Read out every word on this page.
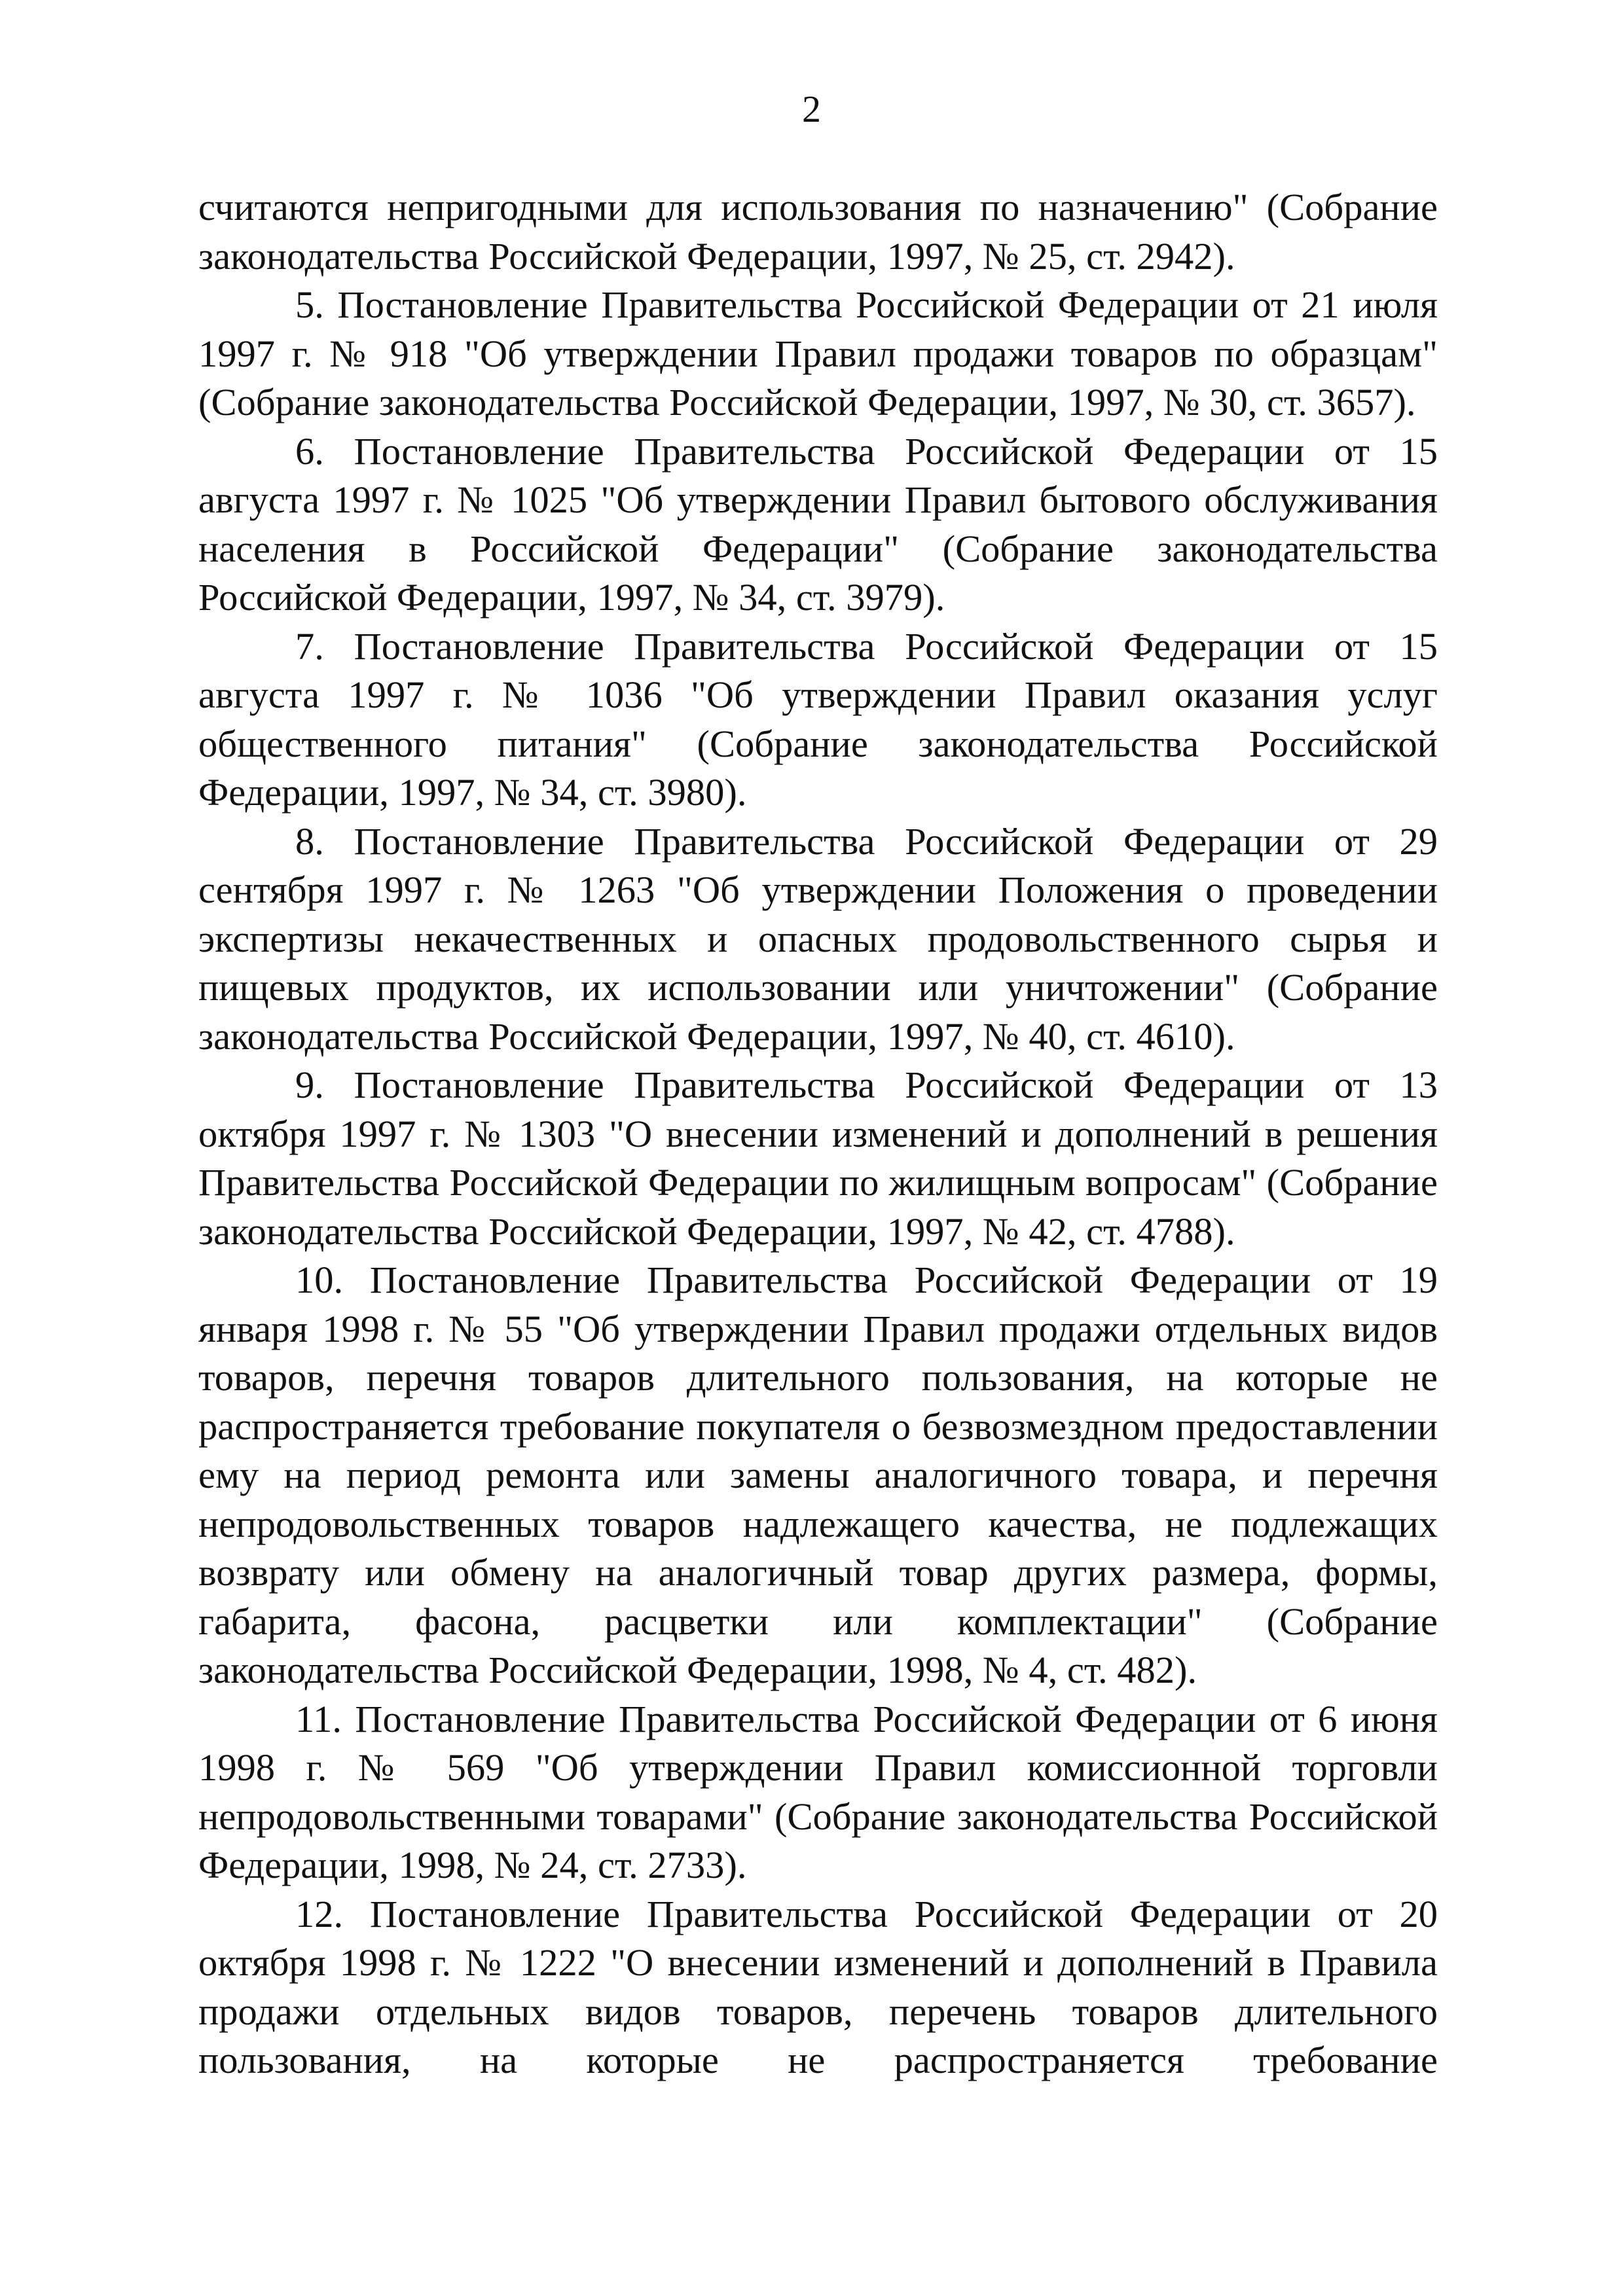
2

считаются непригодными для использования по назначению" (Собрание законодательства Российской Федерации, 1997, № 25, ст. 2942).

5. Постановление Правительства Российской Федерации от 21 июля 1997 г. № 918 "Об утверждении Правил продажи товаров по образцам" (Собрание законодательства Российской Федерации, 1997, № 30, ст. 3657).

6. Постановление Правительства Российской Федерации от 15 августа 1997 г. № 1025 "Об утверждении Правил бытового обслуживания населения в Российской Федерации" (Собрание законодательства Российской Федерации, 1997, № 34, ст. 3979).

7. Постановление Правительства Российской Федерации от 15 августа 1997 г. № 1036 "Об утверждении Правил оказания услуг общественного питания" (Собрание законодательства Российской Федерации, 1997, № 34, ст. 3980).

8. Постановление Правительства Российской Федерации от 29 сентября 1997 г. № 1263 "Об утверждении Положения о проведении экспертизы некачественных и опасных продовольственного сырья и пищевых продуктов, их использовании или уничтожении" (Собрание законодательства Российской Федерации, 1997, № 40, ст. 4610).

9. Постановление Правительства Российской Федерации от 13 октября 1997 г. № 1303 "О внесении изменений и дополнений в решения Правительства Российской Федерации по жилищным вопросам" (Собрание законодательства Российской Федерации, 1997, № 42, ст. 4788).

10. Постановление Правительства Российской Федерации от 19 января 1998 г. № 55 "Об утверждении Правил продажи отдельных видов товаров, перечня товаров длительного пользования, на которые не распространяется требование покупателя о безвозмездном предоставлении ему на период ремонта или замены аналогичного товара, и перечня непродовольственных товаров надлежащего качества, не подлежащих возврату или обмену на аналогичный товар других размера, формы, габарита, фасона, расцветки или комплектации" (Собрание законодательства Российской Федерации, 1998, № 4, ст. 482).

11. Постановление Правительства Российской Федерации от 6 июня 1998 г. № 569 "Об утверждении Правил комиссионной торговли непродовольственными товарами" (Собрание законодательства Российской Федерации, 1998, № 24, ст. 2733).

12. Постановление Правительства Российской Федерации от 20 октября 1998 г. № 1222 "О внесении изменений и дополнений в Правила продажи отдельных видов товаров, перечень товаров длительного пользования, на которые не распространяется требование
